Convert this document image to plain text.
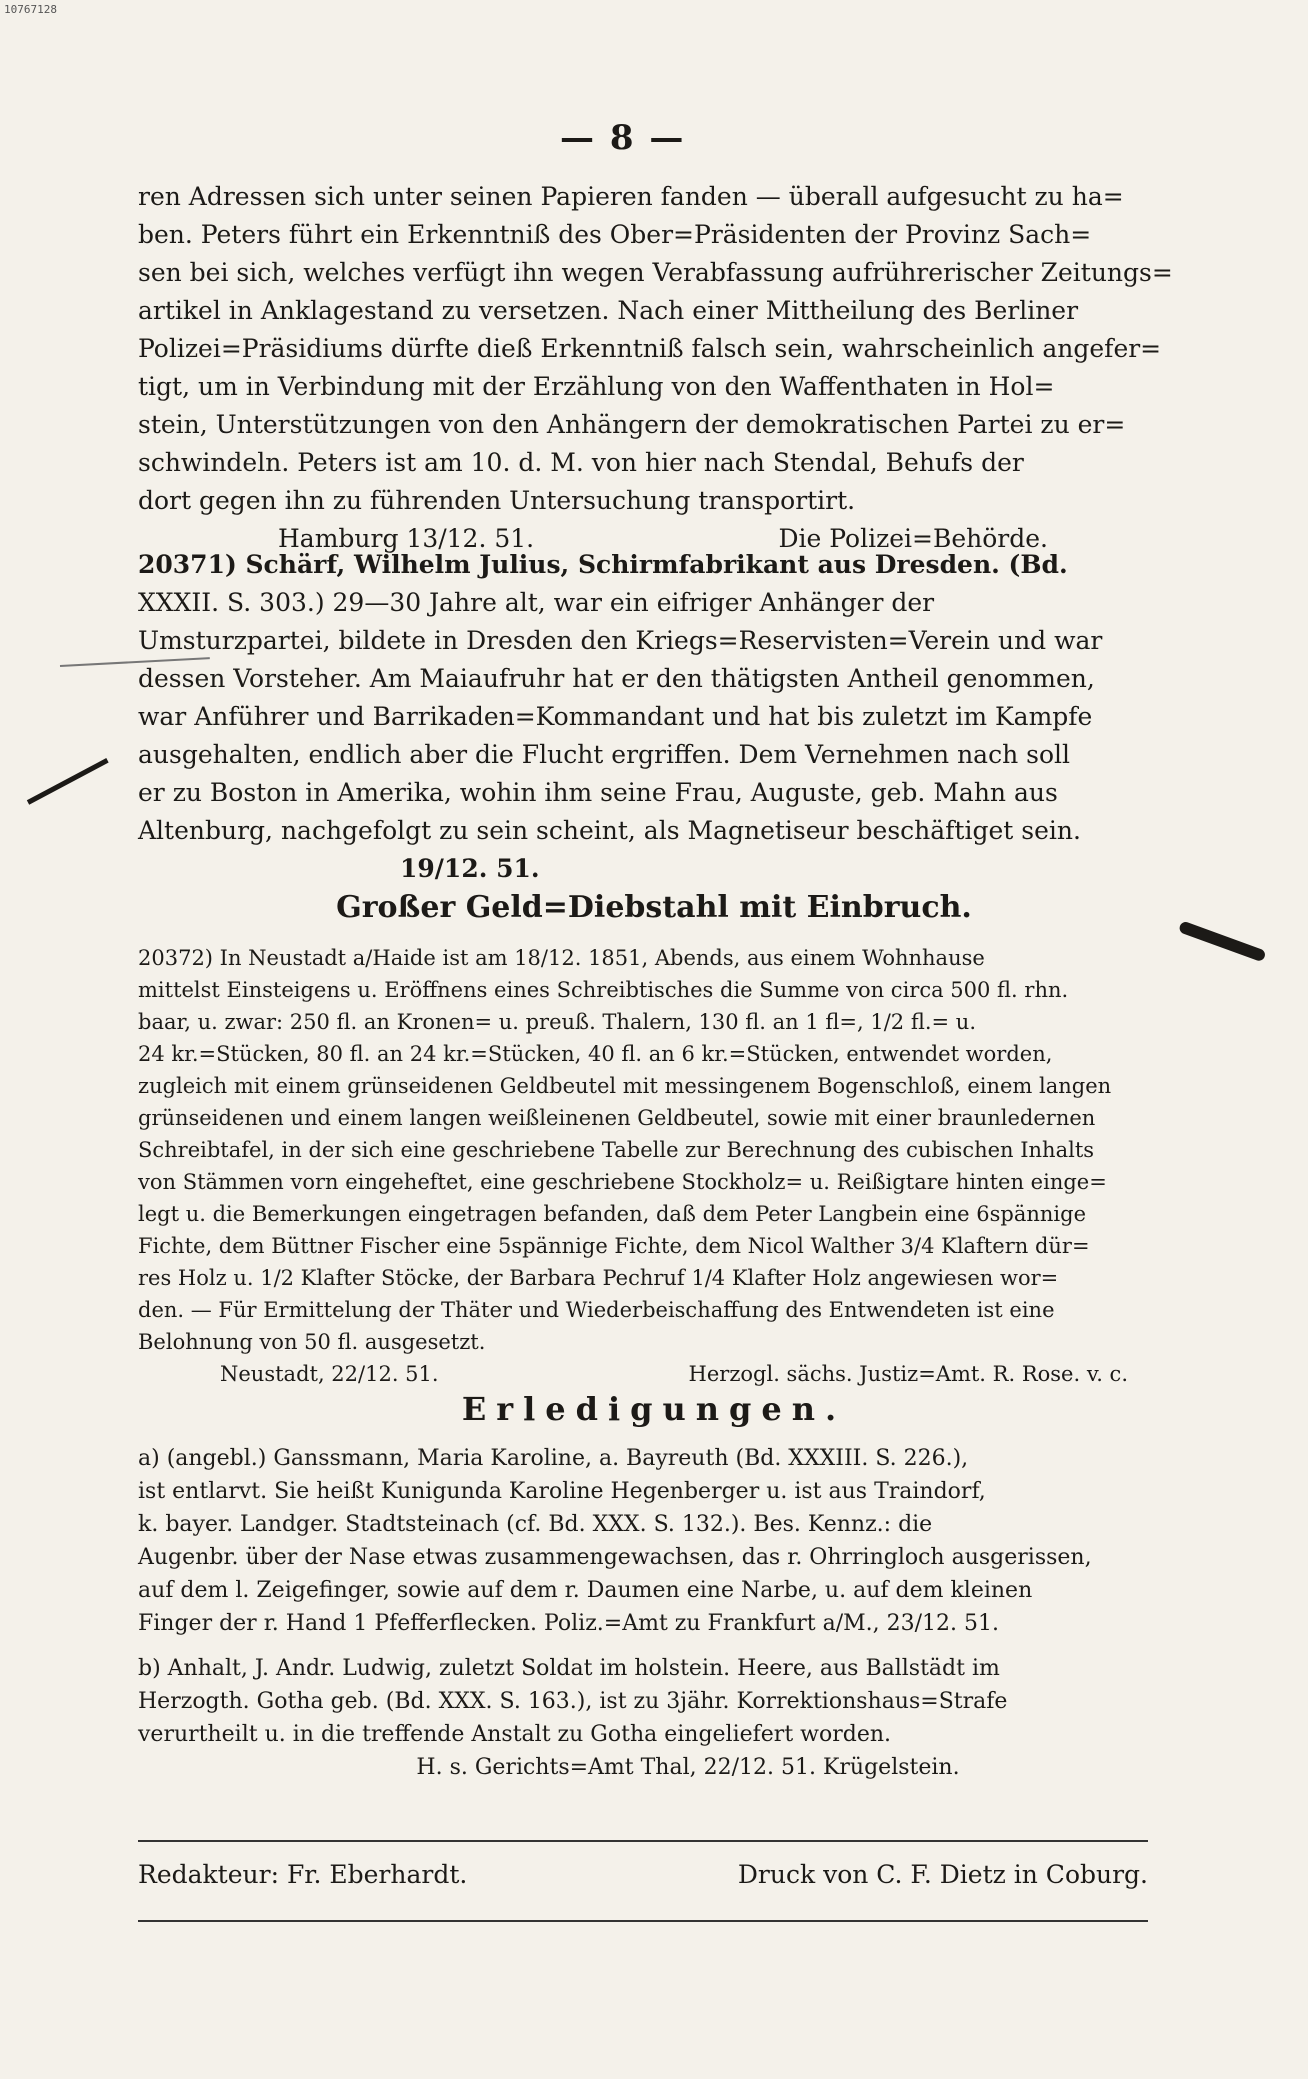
10767128
— 8 —

ren Adressen sich unter seinen Papieren fanden — überall aufgesucht zu ha=
ben. Peters führt ein Erkenntniß des Ober=Präsidenten der Provinz Sach=
sen bei sich, welches verfügt ihn wegen Verabfassung aufrührerischer Zeitungs=
artikel in Anklagestand zu versetzen. Nach einer Mittheilung des Berliner
Polizei=Präsidiums dürfte dieß Erkenntniß falsch sein, wahrscheinlich angefer=
tigt, um in Verbindung mit der Erzählung von den Waffenthaten in Hol=
stein, Unterstützungen von den Anhängern der demokratischen Partei zu er=
schwindeln. Peters ist am 10. d. M. von hier nach Stendal, Behufs der
dort gegen ihn zu führenden Untersuchung transportirt.

Hamburg 13/12. 51.	Die Polizei=Behörde.

20371) Schärf, Wilhelm Julius, Schirmfabrikant aus Dresden. (Bd.
XXXII. S. 303.) 29—30 Jahre alt, war ein eifriger Anhänger der
Umsturzpartei, bildete in Dresden den Kriegs=Reservisten=Verein und war
dessen Vorsteher. Am Maiaufruhr hat er den thätigsten Antheil genommen,
war Anführer und Barrikaden=Kommandant und hat bis zuletzt im Kampfe
ausgehalten, endlich aber die Flucht ergriffen. Dem Vernehmen nach soll
er zu Boston in Amerika, wohin ihm seine Frau, Auguste, geb. Mahn aus
Altenburg, nachgefolgt zu sein scheint, als Magnetiseur beschäftiget sein.

19/12. 51.
Großer Geld=Diebstahl mit Einbruch.

20372) In Neustadt a/Haide ist am 18/12. 1851, Abends, aus einem Wohnhause
mittelst Einsteigens u. Eröffnens eines Schreibtisches die Summe von circa 500 fl. rhn.
baar, u. zwar: 250 fl. an Kronen= u. preuß. Thalern, 130 fl. an 1 fl=, 1/2 fl.= u.
24 kr.=Stücken, 80 fl. an 24 kr.=Stücken, 40 fl. an 6 kr.=Stücken, entwendet worden,
zugleich mit einem grünseidenen Geldbeutel mit messingenem Bogenschloß, einem langen
grünseidenen und einem langen weißleinenen Geldbeutel, sowie mit einer braunledernen
Schreibtafel, in der sich eine geschriebene Tabelle zur Berechnung des cubischen Inhalts
von Stämmen vorn eingeheftet, eine geschriebene Stockholz= u. Reißigtare hinten einge=
legt u. die Bemerkungen eingetragen befanden, daß dem Peter Langbein eine 6spännige
Fichte, dem Büttner Fischer eine 5spännige Fichte, dem Nicol Walther 3/4 Klaftern dür=
res Holz u. 1/2 Klafter Stöcke, der Barbara Pechruf 1/4 Klafter Holz angewiesen wor=
den. — Für Ermittelung der Thäter und Wiederbeischaffung des Entwendeten ist eine
Belohnung von 50 fl. ausgesetzt.

Neustadt, 22/12. 51.	Herzogl. sächs. Justiz=Amt. R. Rose. v. c.
Erledigungen.

a) (angebl.) Ganssmann, Maria Karoline, a. Bayreuth (Bd. XXXIII. S. 226.),
ist entlarvt. Sie heißt Kunigunda Karoline Hegenberger u. ist aus Traindorf,
k. bayer. Landger. Stadtsteinach (cf. Bd. XXX. S. 132.). Bes. Kennz.: die
Augenbr. über der Nase etwas zusammengewachsen, das r. Ohrringloch ausgerissen,
auf dem l. Zeigefinger, sowie auf dem r. Daumen eine Narbe, u. auf dem kleinen
Finger der r. Hand 1 Pfefferflecken. Poliz.=Amt zu Frankfurt a/M., 23/12. 51.

b) Anhalt, J. Andr. Ludwig, zuletzt Soldat im holstein. Heere, aus Ballstädt im
Herzogth. Gotha geb. (Bd. XXX. S. 163.), ist zu 3jähr. Korrektionshaus=Strafe
verurtheilt u. in die treffende Anstalt zu Gotha eingeliefert worden.

H. s. Gerichts=Amt Thal, 22/12. 51. Krügelstein.
Redakteur: Fr. Eberhardt.	Druck von C. F. Dietz in Coburg.
